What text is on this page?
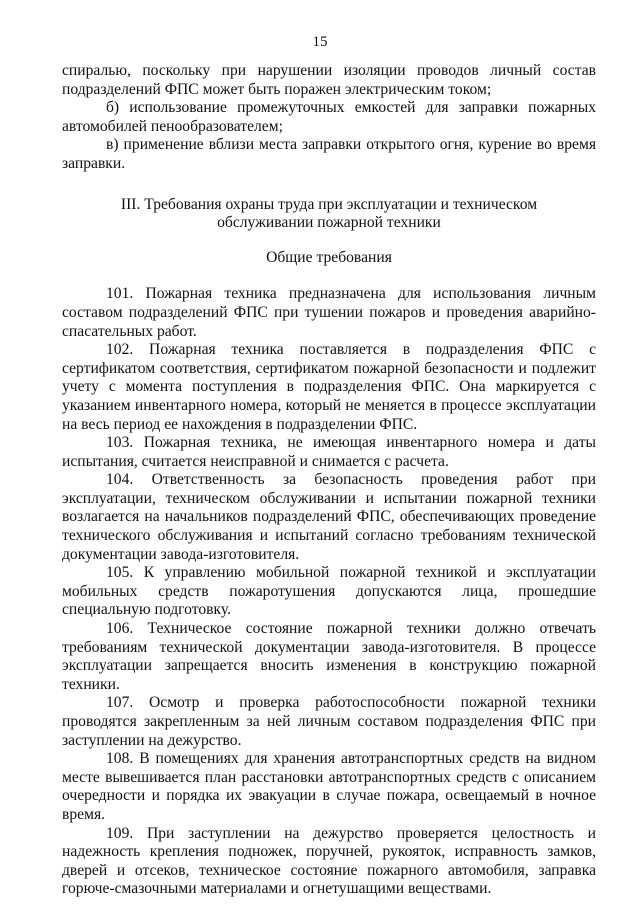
15

спиралью, поскольку при нарушении изоляции проводов личный состав подразделений ФПС может быть поражен электрическим током;

б) использование промежуточных емкостей для заправки пожарных автомобилей пенообразователем;

в) применение вблизи места заправки открытого огня, курение во время заправки.

III. Требования охраны труда при эксплуатации и техническом
обслуживании пожарной техники

Общие требования

101. Пожарная техника предназначена для использования личным составом подразделений ФПС при тушении пожаров и проведения аварийно-спасательных работ.

102. Пожарная техника поставляется в подразделения ФПС с сертификатом соответствия, сертификатом пожарной безопасности и подлежит учету с момента поступления в подразделения ФПС. Она маркируется с указанием инвентарного номера, который не меняется в процессе эксплуатации на весь период ее нахождения в подразделении ФПС.

103. Пожарная техника, не имеющая инвентарного номера и даты испытания, считается неисправной и снимается с расчета.

104. Ответственность за безопасность проведения работ при эксплуатации, техническом обслуживании и испытании пожарной техники возлагается на начальников подразделений ФПС, обеспечивающих проведение технического обслуживания и испытаний согласно требованиям технической документации завода-изготовителя.

105. К управлению мобильной пожарной техникой и эксплуатации мобильных средств пожаротушения допускаются лица, прошедшие специальную подготовку.

106. Техническое состояние пожарной техники должно отвечать требованиям технической документации завода-изготовителя. В процессе эксплуатации запрещается вносить изменения в конструкцию пожарной техники.

107. Осмотр и проверка работоспособности пожарной техники проводятся закрепленным за ней личным составом подразделения ФПС при заступлении на дежурство.

108. В помещениях для хранения автотранспортных средств на видном месте вывешивается план расстановки автотранспортных средств с описанием очередности и порядка их эвакуации в случае пожара, освещаемый в ночное время.

109. При заступлении на дежурство проверяется целостность и надежность крепления подножек, поручней, рукояток, исправность замков, дверей и отсеков, техническое состояние пожарного автомобиля, заправка горюче-смазочными материалами и огнетушащими веществами.
